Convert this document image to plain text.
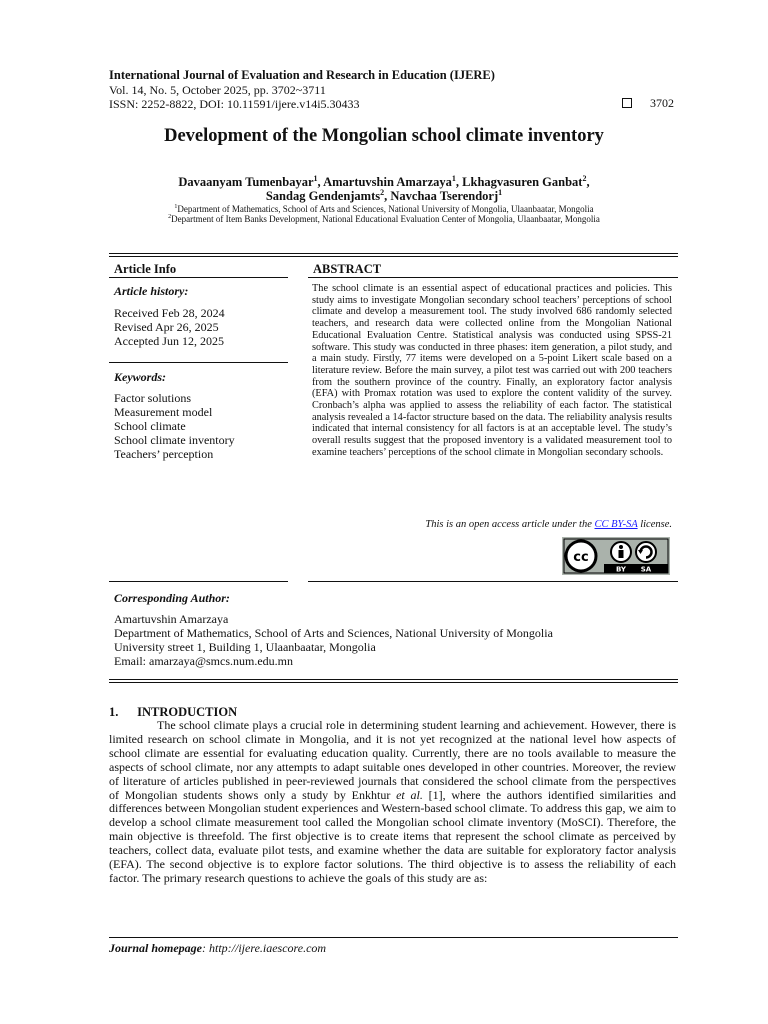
International Journal of Evaluation and Research in Education (IJERE)
Vol. 14, No. 5, October 2025, pp. 3702~3711
ISSN: 2252-8822, DOI: 10.11591/ijere.v14i5.30433	3702
Development of the Mongolian school climate inventory
Davaanyam Tumenbayar$^1$, Amartuvshin Amarzaya$^1$, Lkhagvasuren Ganbat$^2$,
Sandag Gendenjamts$^2$, Navchaa Tserendorj$^1$
$^1$Department of Mathematics, School of Arts and Sciences, National University of Mongolia, Ulaanbaatar, Mongolia
$^2$Department of Item Banks Development, National Educational Evaluation Center of Mongolia, Ulaanbaatar, Mongolia
Article Info
Article history:
Received Feb 28, 2024
Revised Apr 26, 2025
Accepted Jun 12, 2025
Keywords:
Factor solutions
Measurement model
School climate
School climate inventory
Teachers’ perception
ABSTRACT
The school climate is an essential aspect of educational practices and policies. This study aims to investigate Mongolian secondary school teachers’ perceptions of school climate and develop a measurement tool. The study involved 686 randomly selected teachers, and research data were collected online from the Mongolian National Educational Evaluation Centre. Statistical analysis was conducted using SPSS-21 software. This study was conducted in three phases: item generation, a pilot study, and a main study. Firstly, 77 items were developed on a 5-point Likert scale based on a literature review. Before the main survey, a pilot test was carried out with 200 teachers from the southern province of the country. Finally, an exploratory factor analysis (EFA) with Promax rotation was used to explore the content validity of the survey. Cronbach’s alpha was applied to assess the reliability of each factor. The statistical analysis revealed a 14-factor structure based on the data. The reliability analysis results indicated that internal consistency for all factors is at an acceptable level. The study’s overall results suggest that the proposed inventory is a validated measurement tool to examine teachers’ perceptions of the school climate in Mongolian secondary schools.
This is an open access article under the CC BY-SA license.
cc
BY SA
Corresponding Author:
Amartuvshin Amarzaya
Department of Mathematics, School of Arts and Sciences, National University of Mongolia
University street 1, Building 1, Ulaanbaatar, Mongolia
Email: amarzaya@smcs.num.edu.mn
1.      INTRODUCTION
The school climate plays a crucial role in determining student learning and achievement. However, there is limited research on school climate in Mongolia, and it is not yet recognized at the national level how aspects of school climate are essential for evaluating education quality. Currently, there are no tools available to measure the aspects of school climate, nor any attempts to adapt suitable ones developed in other countries. Moreover, the review of literature of articles published in peer-reviewed journals that considered the school climate from the perspectives of Mongolian students shows only a study by Enkhtur et al. [1], where the authors identified similarities and differences between Mongolian student experiences and Western-based school climate. To address this gap, we aim to develop a school climate measurement tool called the Mongolian school climate inventory (MoSCI). Therefore, the main objective is threefold. The first objective is to create items that represent the school climate as perceived by teachers, collect data, evaluate pilot tests, and examine whether the data are suitable for exploratory factor analysis (EFA). The second objective is to explore factor solutions. The third objective is to assess the reliability of each factor. The primary research questions to achieve the goals of this study are as:
Journal homepage: http://ijere.iaescore.com
